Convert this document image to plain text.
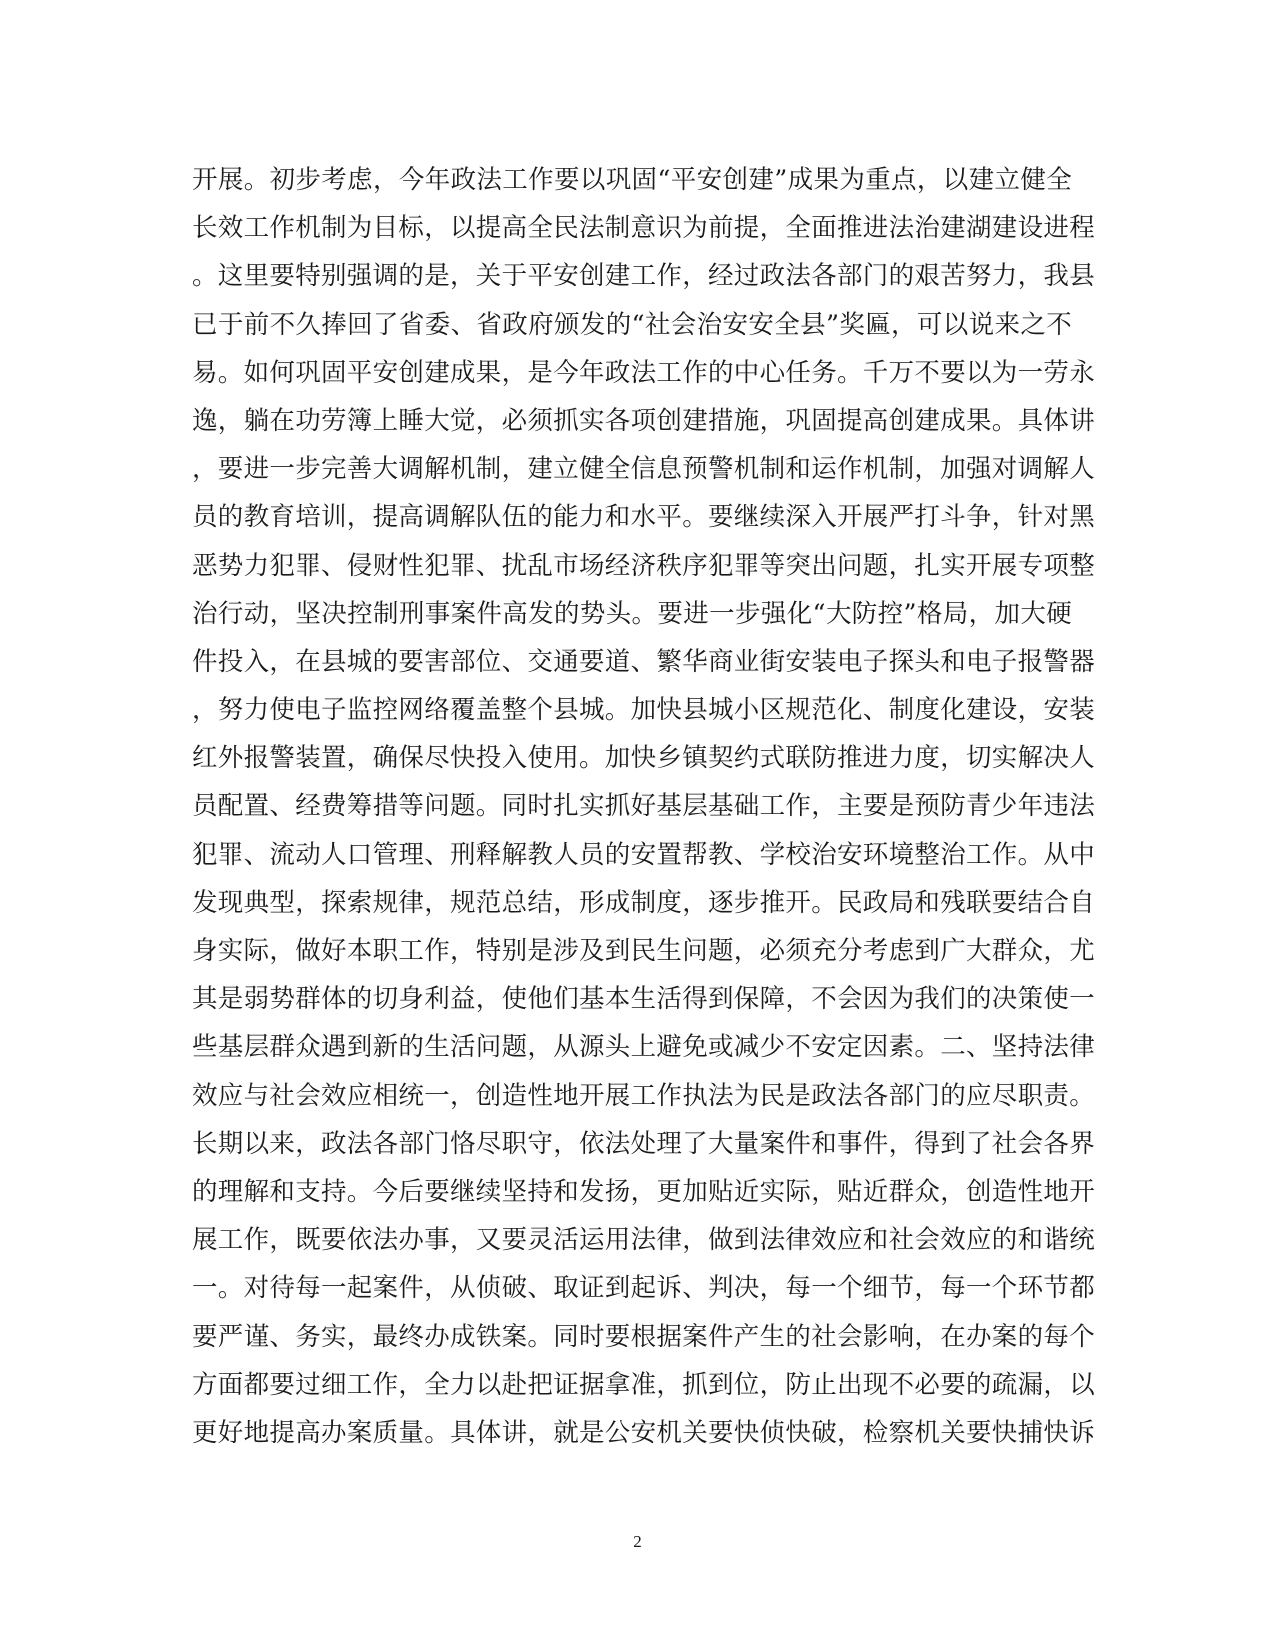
开展。初步考虑，今年政法工作要以巩固“平安创建”成果为重点，以建立健全
长效工作机制为目标，以提高全民法制意识为前提，全面推进法治建湖建设进程
。这里要特别强调的是，关于平安创建工作，经过政法各部门的艰苦努力，我县
已于前不久捧回了省委、省政府颁发的“社会治安安全县”奖匾，可以说来之不
易。如何巩固平安创建成果，是今年政法工作的中心任务。千万不要以为一劳永
逸，躺在功劳簿上睡大觉，必须抓实各项创建措施，巩固提高创建成果。具体讲
，要进一步完善大调解机制，建立健全信息预警机制和运作机制，加强对调解人
员的教育培训，提高调解队伍的能力和水平。要继续深入开展严打斗争，针对黑
恶势力犯罪、侵财性犯罪、扰乱市场经济秩序犯罪等突出问题，扎实开展专项整
治行动，坚决控制刑事案件高发的势头。要进一步强化“大防控”格局，加大硬
件投入，在县城的要害部位、交通要道、繁华商业街安装电子探头和电子报警器
，努力使电子监控网络覆盖整个县城。加快县城小区规范化、制度化建设，安装
红外报警装置，确保尽快投入使用。加快乡镇契约式联防推进力度，切实解决人
员配置、经费筹措等问题。同时扎实抓好基层基础工作，主要是预防青少年违法
犯罪、流动人口管理、刑释解教人员的安置帮教、学校治安环境整治工作。从中
发现典型，探索规律，规范总结，形成制度，逐步推开。民政局和残联要结合自
身实际，做好本职工作，特别是涉及到民生问题，必须充分考虑到广大群众，尤
其是弱势群体的切身利益，使他们基本生活得到保障，不会因为我们的决策使一
些基层群众遇到新的生活问题，从源头上避免或减少不安定因素。二、坚持法律
效应与社会效应相统一，创造性地开展工作执法为民是政法各部门的应尽职责。
长期以来，政法各部门恪尽职守，依法处理了大量案件和事件，得到了社会各界
的理解和支持。今后要继续坚持和发扬，更加贴近实际，贴近群众，创造性地开
展工作，既要依法办事，又要灵活运用法律，做到法律效应和社会效应的和谐统
一。对待每一起案件，从侦破、取证到起诉、判决，每一个细节，每一个环节都
要严谨、务实，最终办成铁案。同时要根据案件产生的社会影响，在办案的每个
方面都要过细工作，全力以赴把证据拿准，抓到位，防止出现不必要的疏漏，以
更好地提高办案质量。具体讲，就是公安机关要快侦快破，检察机关要快捕快诉
2
